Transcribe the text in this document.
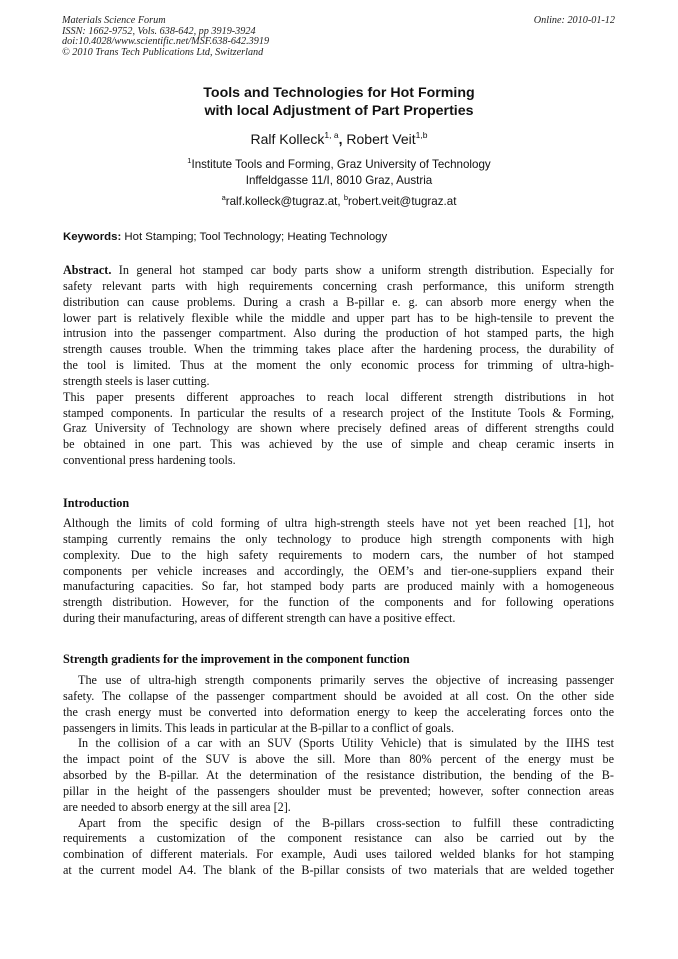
Materials Science Forum
ISSN: 1662-9752, Vols. 638-642, pp 3919-3924
doi:10.4028/www.scientific.net/MSF.638-642.3919
© 2010 Trans Tech Publications Ltd, Switzerland
Online: 2010-01-12
Tools and Technologies for Hot Forming
with local Adjustment of Part Properties
Ralf Kolleck$^{1, a}$, Robert Veit$^{1,b}$
$^1$Institute Tools and Forming, Graz University of Technology
Inffeldgasse 11/I, 8010 Graz, Austria
$^a$ralf.kolleck@tugraz.at, $^b$robert.veit@tugraz.at
Keywords: Hot Stamping; Tool Technology; Heating Technology
Abstract. In general hot stamped car body parts show a uniform strength distribution. Especially for
safety relevant parts with high requirements concerning crash performance, this uniform strength
distribution can cause problems. During a crash a B-pillar e. g. can absorb more energy when the
lower part is relatively flexible while the middle and upper part has to be high-tensile to prevent the
intrusion into the passenger compartment. Also during the production of hot stamped parts, the high
strength causes trouble. When the trimming takes place after the hardening process, the durability of
the tool is limited. Thus at the moment the only economic process for trimming of ultra-high-
strength steels is laser cutting.
This paper presents different approaches to reach local different strength distributions in hot
stamped components. In particular the results of a research project of the Institute Tools & Forming,
Graz University of Technology are shown where precisely defined areas of different strengths could
be obtained in one part. This was achieved by the use of simple and cheap ceramic inserts in
conventional press hardening tools.
Introduction
Although the limits of cold forming of ultra high-strength steels have not yet been reached [1], hot
stamping currently remains the only technology to produce high strength components with high
complexity. Due to the high safety requirements to modern cars, the number of hot stamped
components per vehicle increases and accordingly, the OEM’s and tier-one-suppliers expand their
manufacturing capacities. So far, hot stamped body parts are produced mainly with a homogeneous
strength distribution. However, for the function of the components and for following operations
during their manufacturing, areas of different strength can have a positive effect.
Strength gradients for the improvement in the component function
The use of ultra-high strength components primarily serves the objective of increasing passenger
safety. The collapse of the passenger compartment should be avoided at all cost. On the other side
the crash energy must be converted into deformation energy to keep the accelerating forces onto the
passengers in limits. This leads in particular at the B-pillar to a conflict of goals.
In the collision of a car with an SUV (Sports Utility Vehicle) that is simulated by the IIHS test
the impact point of the SUV is above the sill. More than 80% percent of the energy must be
absorbed by the B-pillar. At the determination of the resistance distribution, the bending of the B-
pillar in the height of the passengers shoulder must be prevented; however, softer connection areas
are needed to absorb energy at the sill area [2].
Apart from the specific design of the B-pillars cross-section to fulfill these contradicting
requirements a customization of the component resistance can also be carried out by the
combination of different materials. For example, Audi uses tailored welded blanks for hot stamping
at the current model A4. The blank of the B-pillar consists of two materials that are welded together
